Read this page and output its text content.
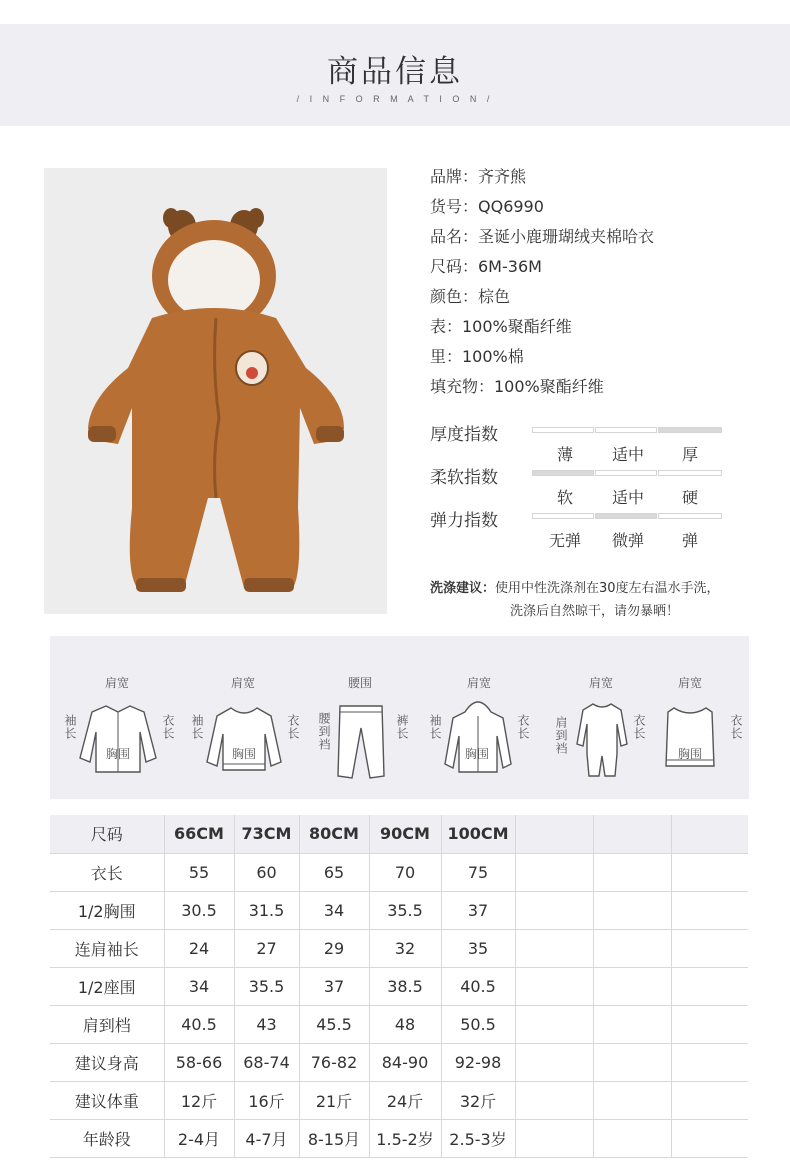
商品信息
/ I N F O R M A T I O N /
品牌：齐齐熊
货号：QQ6990
品名：圣诞小鹿珊瑚绒夹棉哈衣
尺码：6M-36M
颜色：棕色
表：100%聚酯纤维
里：100%棉
填充物：100%聚酯纤维
厚度指数
薄	适中	厚
柔软指数
软	适中	硬
弹力指数
无弹	微弹	弹
洗涤建议：使用中性洗涤剂在30度左右温水手洗，
洗涤后自然晾干，请勿暴晒！
肩宽
袖长	衣长
胸围
肩宽
袖长	衣长
胸围
腰围
腰到裆	裤长
肩宽
袖长	衣长
胸围
肩宽
肩到裆	衣长
肩宽
衣长
胸围
尺码	66CM	73CM	80CM	90CM	100CM			
衣长	55	60	65	70	75			
1/2胸围	30.5	31.5	34	35.5	37			
连肩袖长	24	27	29	32	35			
1/2座围	34	35.5	37	38.5	40.5			
肩到档	40.5	43	45.5	48	50.5			
建议身高	58-66	68-74	76-82	84-90	92-98			
建议体重	12斤	16斤	21斤	24斤	32斤			
年龄段	2-4月	4-7月	8-15月	1.5-2岁	2.5-3岁			
